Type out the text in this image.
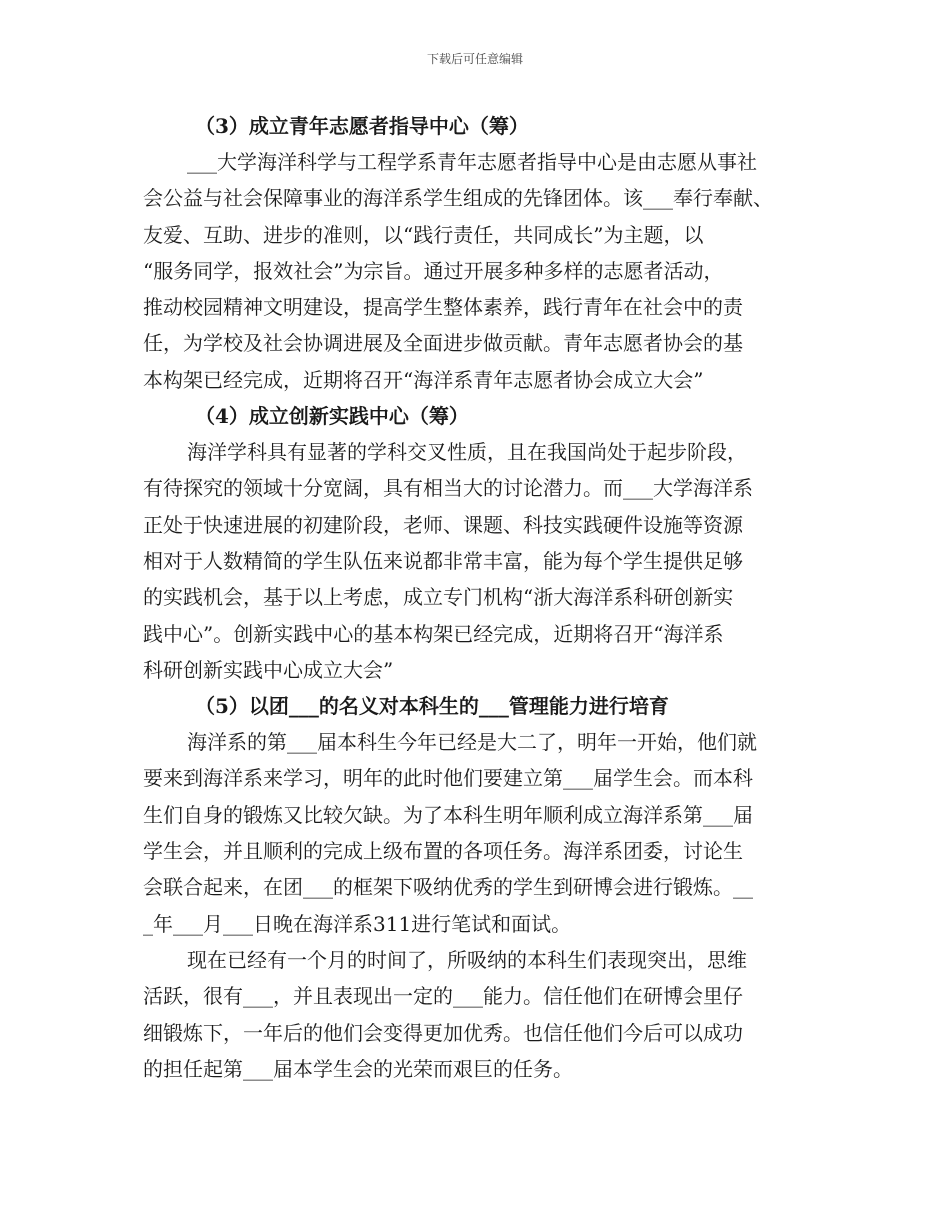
下载后可任意编辑
（3）成立青年志愿者指导中心（筹）
___大学海洋科学与工程学系青年志愿者指导中心是由志愿从事社
会公益与社会保障事业的海洋系学生组成的先锋团体。该___奉行奉献、
友爱、互助、进步的准则，以“践行责任，共同成长”为主题，以
“服务同学，报效社会”为宗旨。通过开展多种多样的志愿者活动，
推动校园精神文明建设，提高学生整体素养，践行青年在社会中的责
任，为学校及社会协调进展及全面进步做贡献。青年志愿者协会的基
本构架已经完成，近期将召开“海洋系青年志愿者协会成立大会”
（4）成立创新实践中心（筹）
海洋学科具有显著的学科交叉性质，且在我国尚处于起步阶段，
有待探究的领域十分宽阔，具有相当大的讨论潜力。而___大学海洋系
正处于快速进展的初建阶段，老师、课题、科技实践硬件设施等资源
相对于人数精简的学生队伍来说都非常丰富，能为每个学生提供足够
的实践机会，基于以上考虑，成立专门机构“浙大海洋系科研创新实
践中心”。创新实践中心的基本构架已经完成，近期将召开“海洋系
科研创新实践中心成立大会”
（5）以团___的名义对本科生的___管理能力进行培育
海洋系的第___届本科生今年已经是大二了，明年一开始，他们就
要来到海洋系来学习，明年的此时他们要建立第___届学生会。而本科
生们自身的锻炼又比较欠缺。为了本科生明年顺利成立海洋系第___届
学生会，并且顺利的完成上级布置的各项任务。海洋系团委，讨论生
会联合起来，在团___的框架下吸纳优秀的学生到研博会进行锻炼。__
_年___月___日晚在海洋系311进行笔试和面试。
现在已经有一个月的时间了，所吸纳的本科生们表现突出，思维
活跃，很有___，并且表现出一定的___能力。信任他们在研博会里仔
细锻炼下，一年后的他们会变得更加优秀。也信任他们今后可以成功
的担任起第___届本学生会的光荣而艰巨的任务。
